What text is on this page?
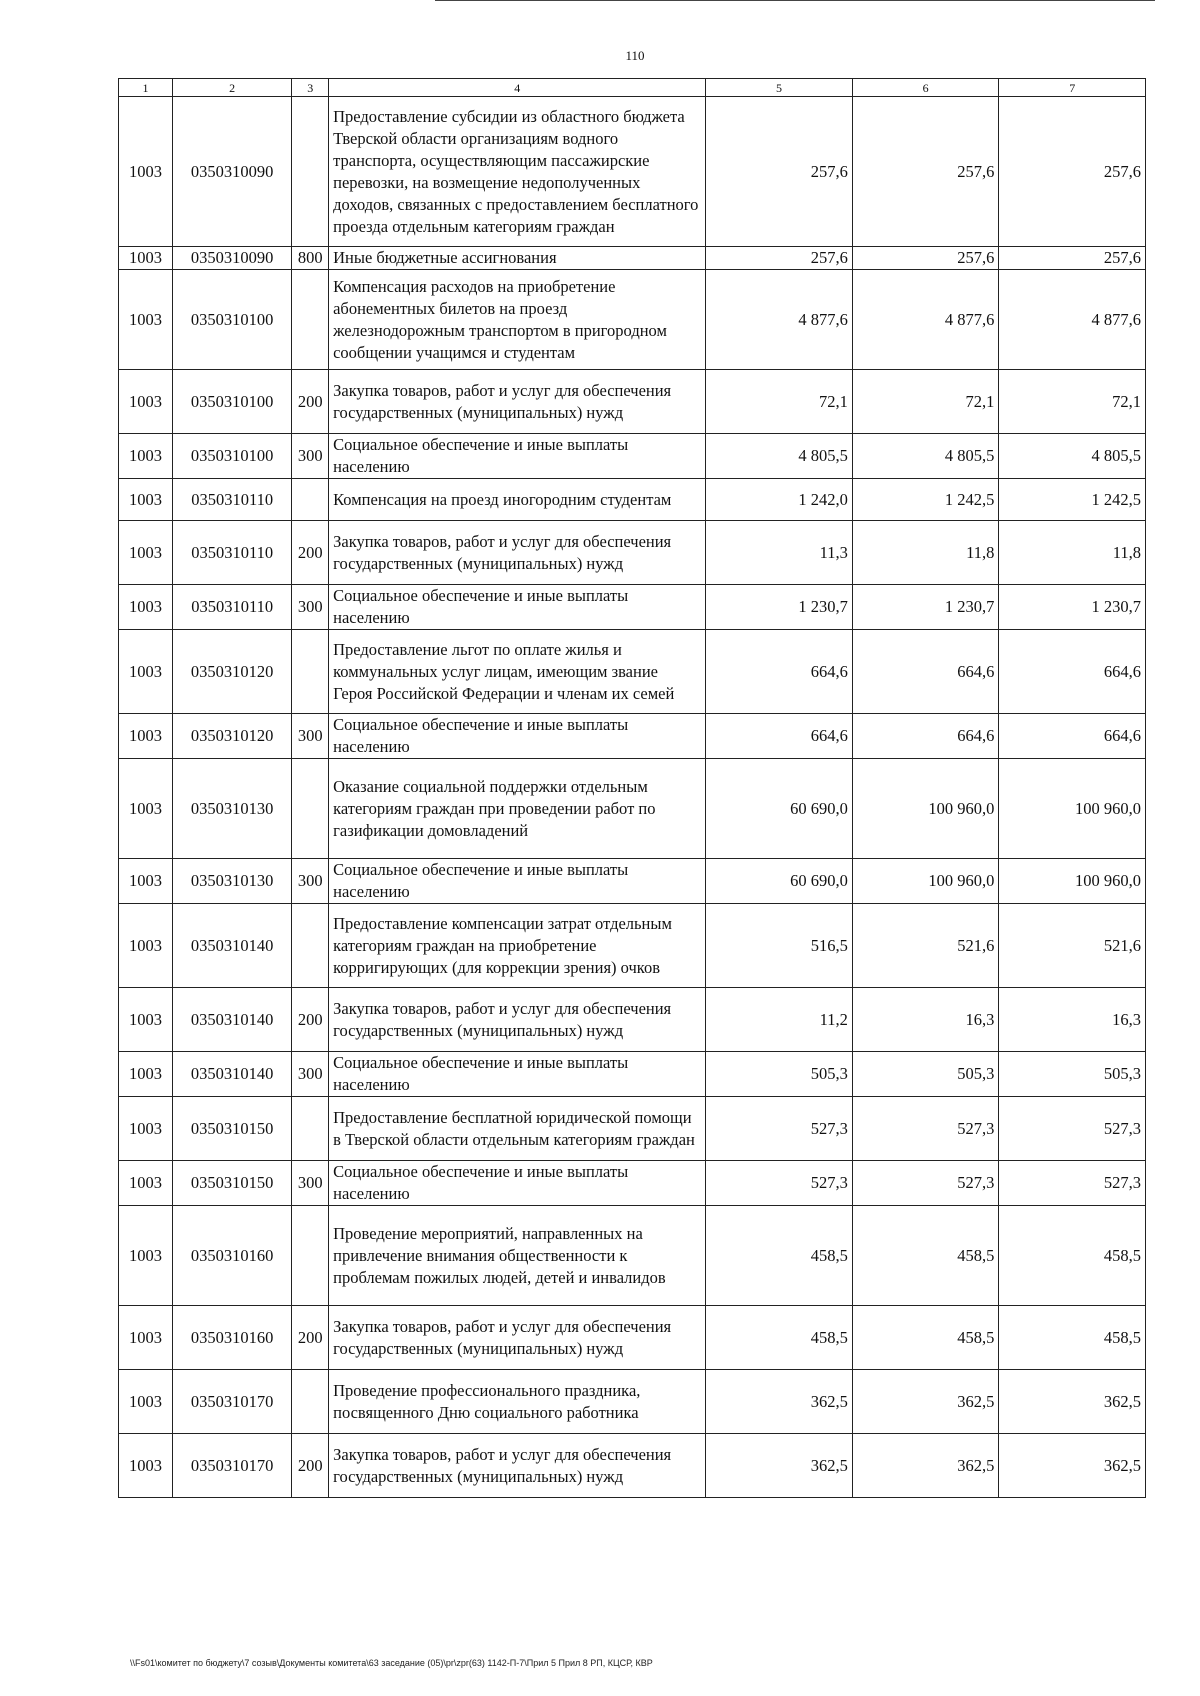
110
1	2	3	4	5	6	7
1003	0350310090		Предоставление субсидии из областного бюджета Тверской области организациям водного транспорта, осуществляющим пассажирские перевозки, на возмещение недополученных доходов, связанных с предоставлением бесплатного проезда отдельным категориям граждан	257,6	257,6	257,6
1003	0350310090	800	Иные бюджетные ассигнования	257,6	257,6	257,6
1003	0350310100		Компенсация расходов на приобретение абонементных билетов на проезд железнодорожным транспортом в пригородном сообщении учащимся и студентам	4 877,6	4 877,6	4 877,6
1003	0350310100	200	Закупка товаров, работ и услуг для обеспечения государственных (муниципальных) нужд	72,1	72,1	72,1
1003	0350310100	300	Социальное обеспечение и иные выплаты населению	4 805,5	4 805,5	4 805,5
1003	0350310110		Компенсация на проезд иногородним студентам	1 242,0	1 242,5	1 242,5
1003	0350310110	200	Закупка товаров, работ и услуг для обеспечения государственных (муниципальных) нужд	11,3	11,8	11,8
1003	0350310110	300	Социальное обеспечение и иные выплаты населению	1 230,7	1 230,7	1 230,7
1003	0350310120		Предоставление льгот по оплате жилья и коммунальных услуг лицам, имеющим звание Героя Российской Федерации и членам их семей	664,6	664,6	664,6
1003	0350310120	300	Социальное обеспечение и иные выплаты населению	664,6	664,6	664,6
1003	0350310130		Оказание социальной поддержки отдельным категориям граждан при проведении работ по газификации домовладений	60 690,0	100 960,0	100 960,0
1003	0350310130	300	Социальное обеспечение и иные выплаты населению	60 690,0	100 960,0	100 960,0
1003	0350310140		Предоставление компенсации затрат отдельным категориям граждан на приобретение корригирующих (для коррекции зрения) очков	516,5	521,6	521,6
1003	0350310140	200	Закупка товаров, работ и услуг для обеспечения государственных (муниципальных) нужд	11,2	16,3	16,3
1003	0350310140	300	Социальное обеспечение и иные выплаты населению	505,3	505,3	505,3
1003	0350310150		Предоставление бесплатной юридической помощи в Тверской области отдельным категориям граждан	527,3	527,3	527,3
1003	0350310150	300	Социальное обеспечение и иные выплаты населению	527,3	527,3	527,3
1003	0350310160		Проведение мероприятий, направленных на привлечение внимания общественности к проблемам пожилых людей, детей и инвалидов	458,5	458,5	458,5
1003	0350310160	200	Закупка товаров, работ и услуг для обеспечения государственных (муниципальных) нужд	458,5	458,5	458,5
1003	0350310170		Проведение профессионального праздника, посвященного Дню социального работника	362,5	362,5	362,5
1003	0350310170	200	Закупка товаров, работ и услуг для обеспечения государственных (муниципальных) нужд	362,5	362,5	362,5
\\Fs01\комитет по бюджету\7 созыв\Документы комитета\63 заседание (05)\pr\zpr(63) 1142-П-7\Прил 5 Прил 8 РП, КЦСР, КВР
